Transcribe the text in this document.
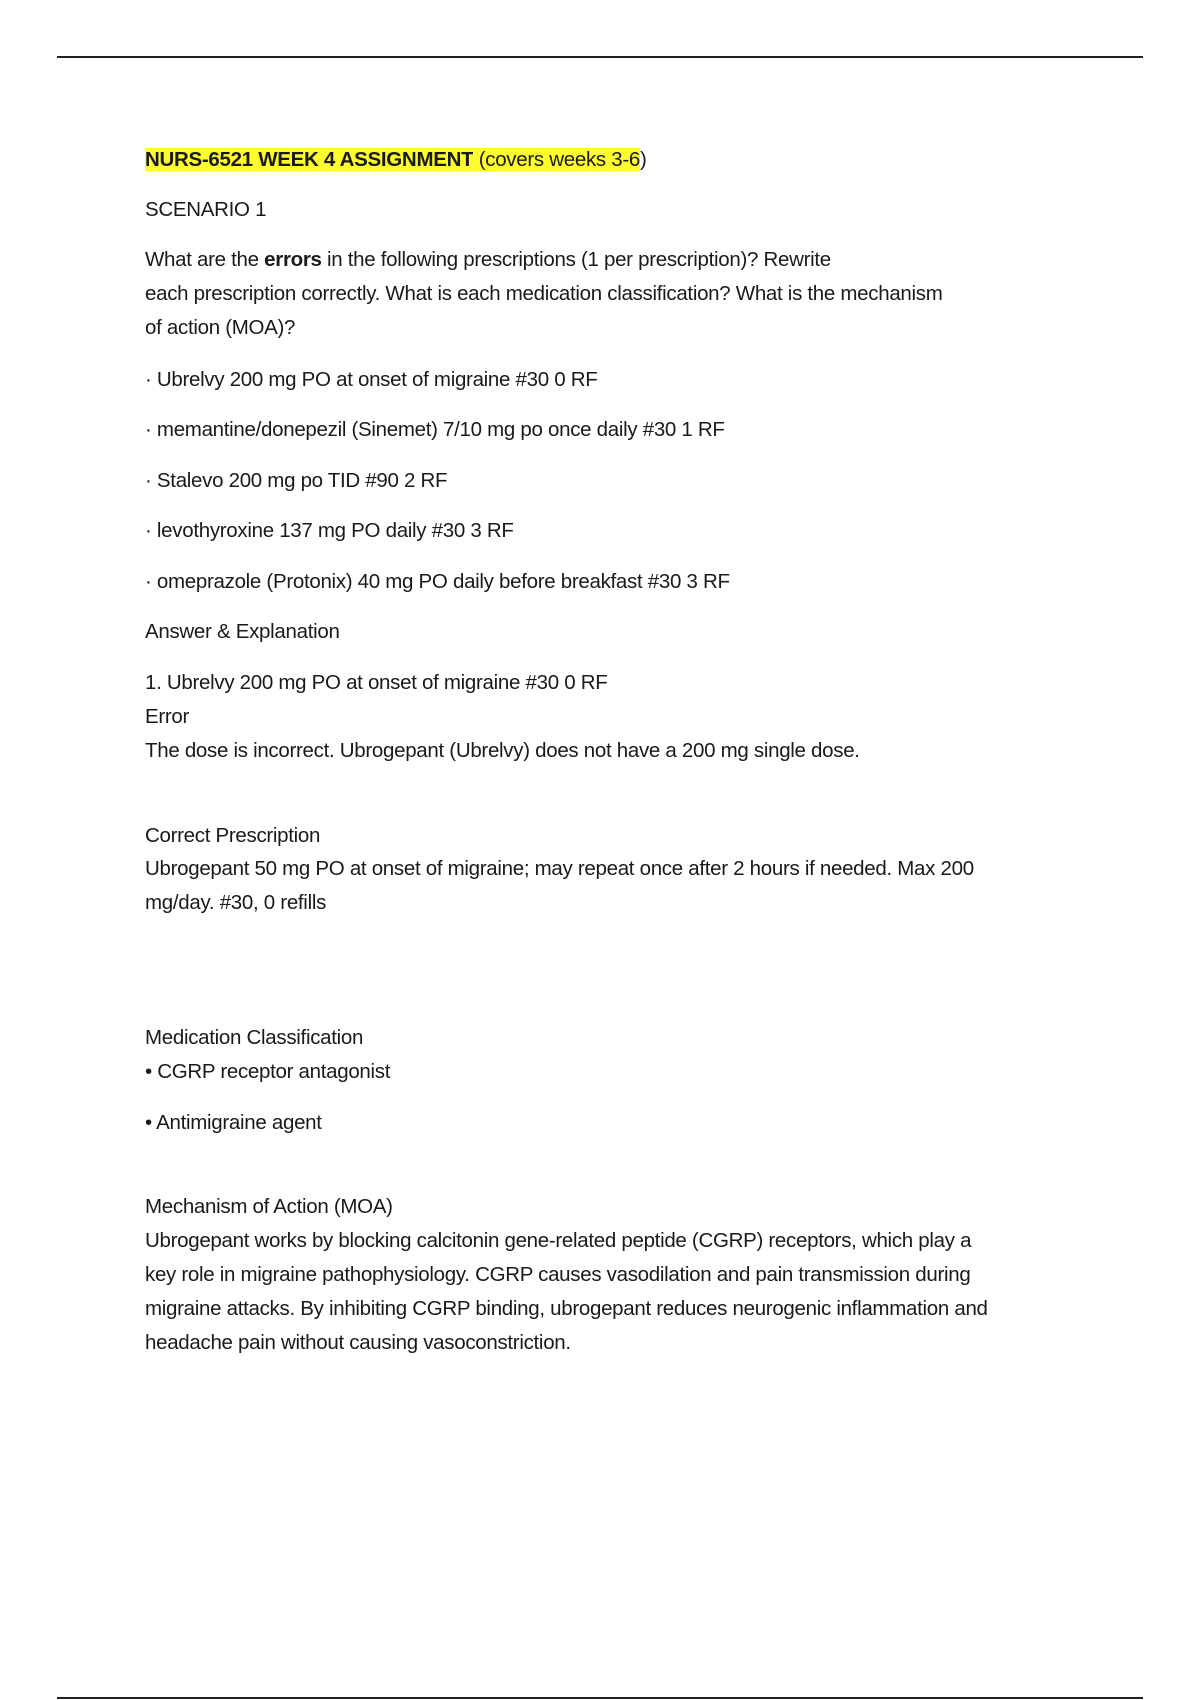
NURS-6521 WEEK 4 ASSIGNMENT (covers weeks 3-6)
SCENARIO 1
What are the errors in the following prescriptions (1 per prescription)? Rewrite
each prescription correctly. What is each medication classification? What is the mechanism
of action (MOA)?
· Ubrelvy 200 mg PO at onset of migraine #30 0 RF
· memantine/donepezil (Sinemet) 7/10 mg po once daily #30 1 RF
· Stalevo 200 mg po TID #90 2 RF
· levothyroxine 137 mg PO daily #30 3 RF
· omeprazole (Protonix) 40 mg PO daily before breakfast #30 3 RF
Answer & Explanation
1. Ubrelvy 200 mg PO at onset of migraine #30 0 RF
Error
The dose is incorrect. Ubrogepant (Ubrelvy) does not have a 200 mg single dose.
Correct Prescription
Ubrogepant 50 mg PO at onset of migraine; may repeat once after 2 hours if needed. Max 200
mg/day. #30, 0 refills
Medication Classification
• CGRP receptor antagonist
• Antimigraine agent
Mechanism of Action (MOA)
Ubrogepant works by blocking calcitonin gene-related peptide (CGRP) receptors, which play a
key role in migraine pathophysiology. CGRP causes vasodilation and pain transmission during
migraine attacks. By inhibiting CGRP binding, ubrogepant reduces neurogenic inflammation and
headache pain without causing vasoconstriction.
